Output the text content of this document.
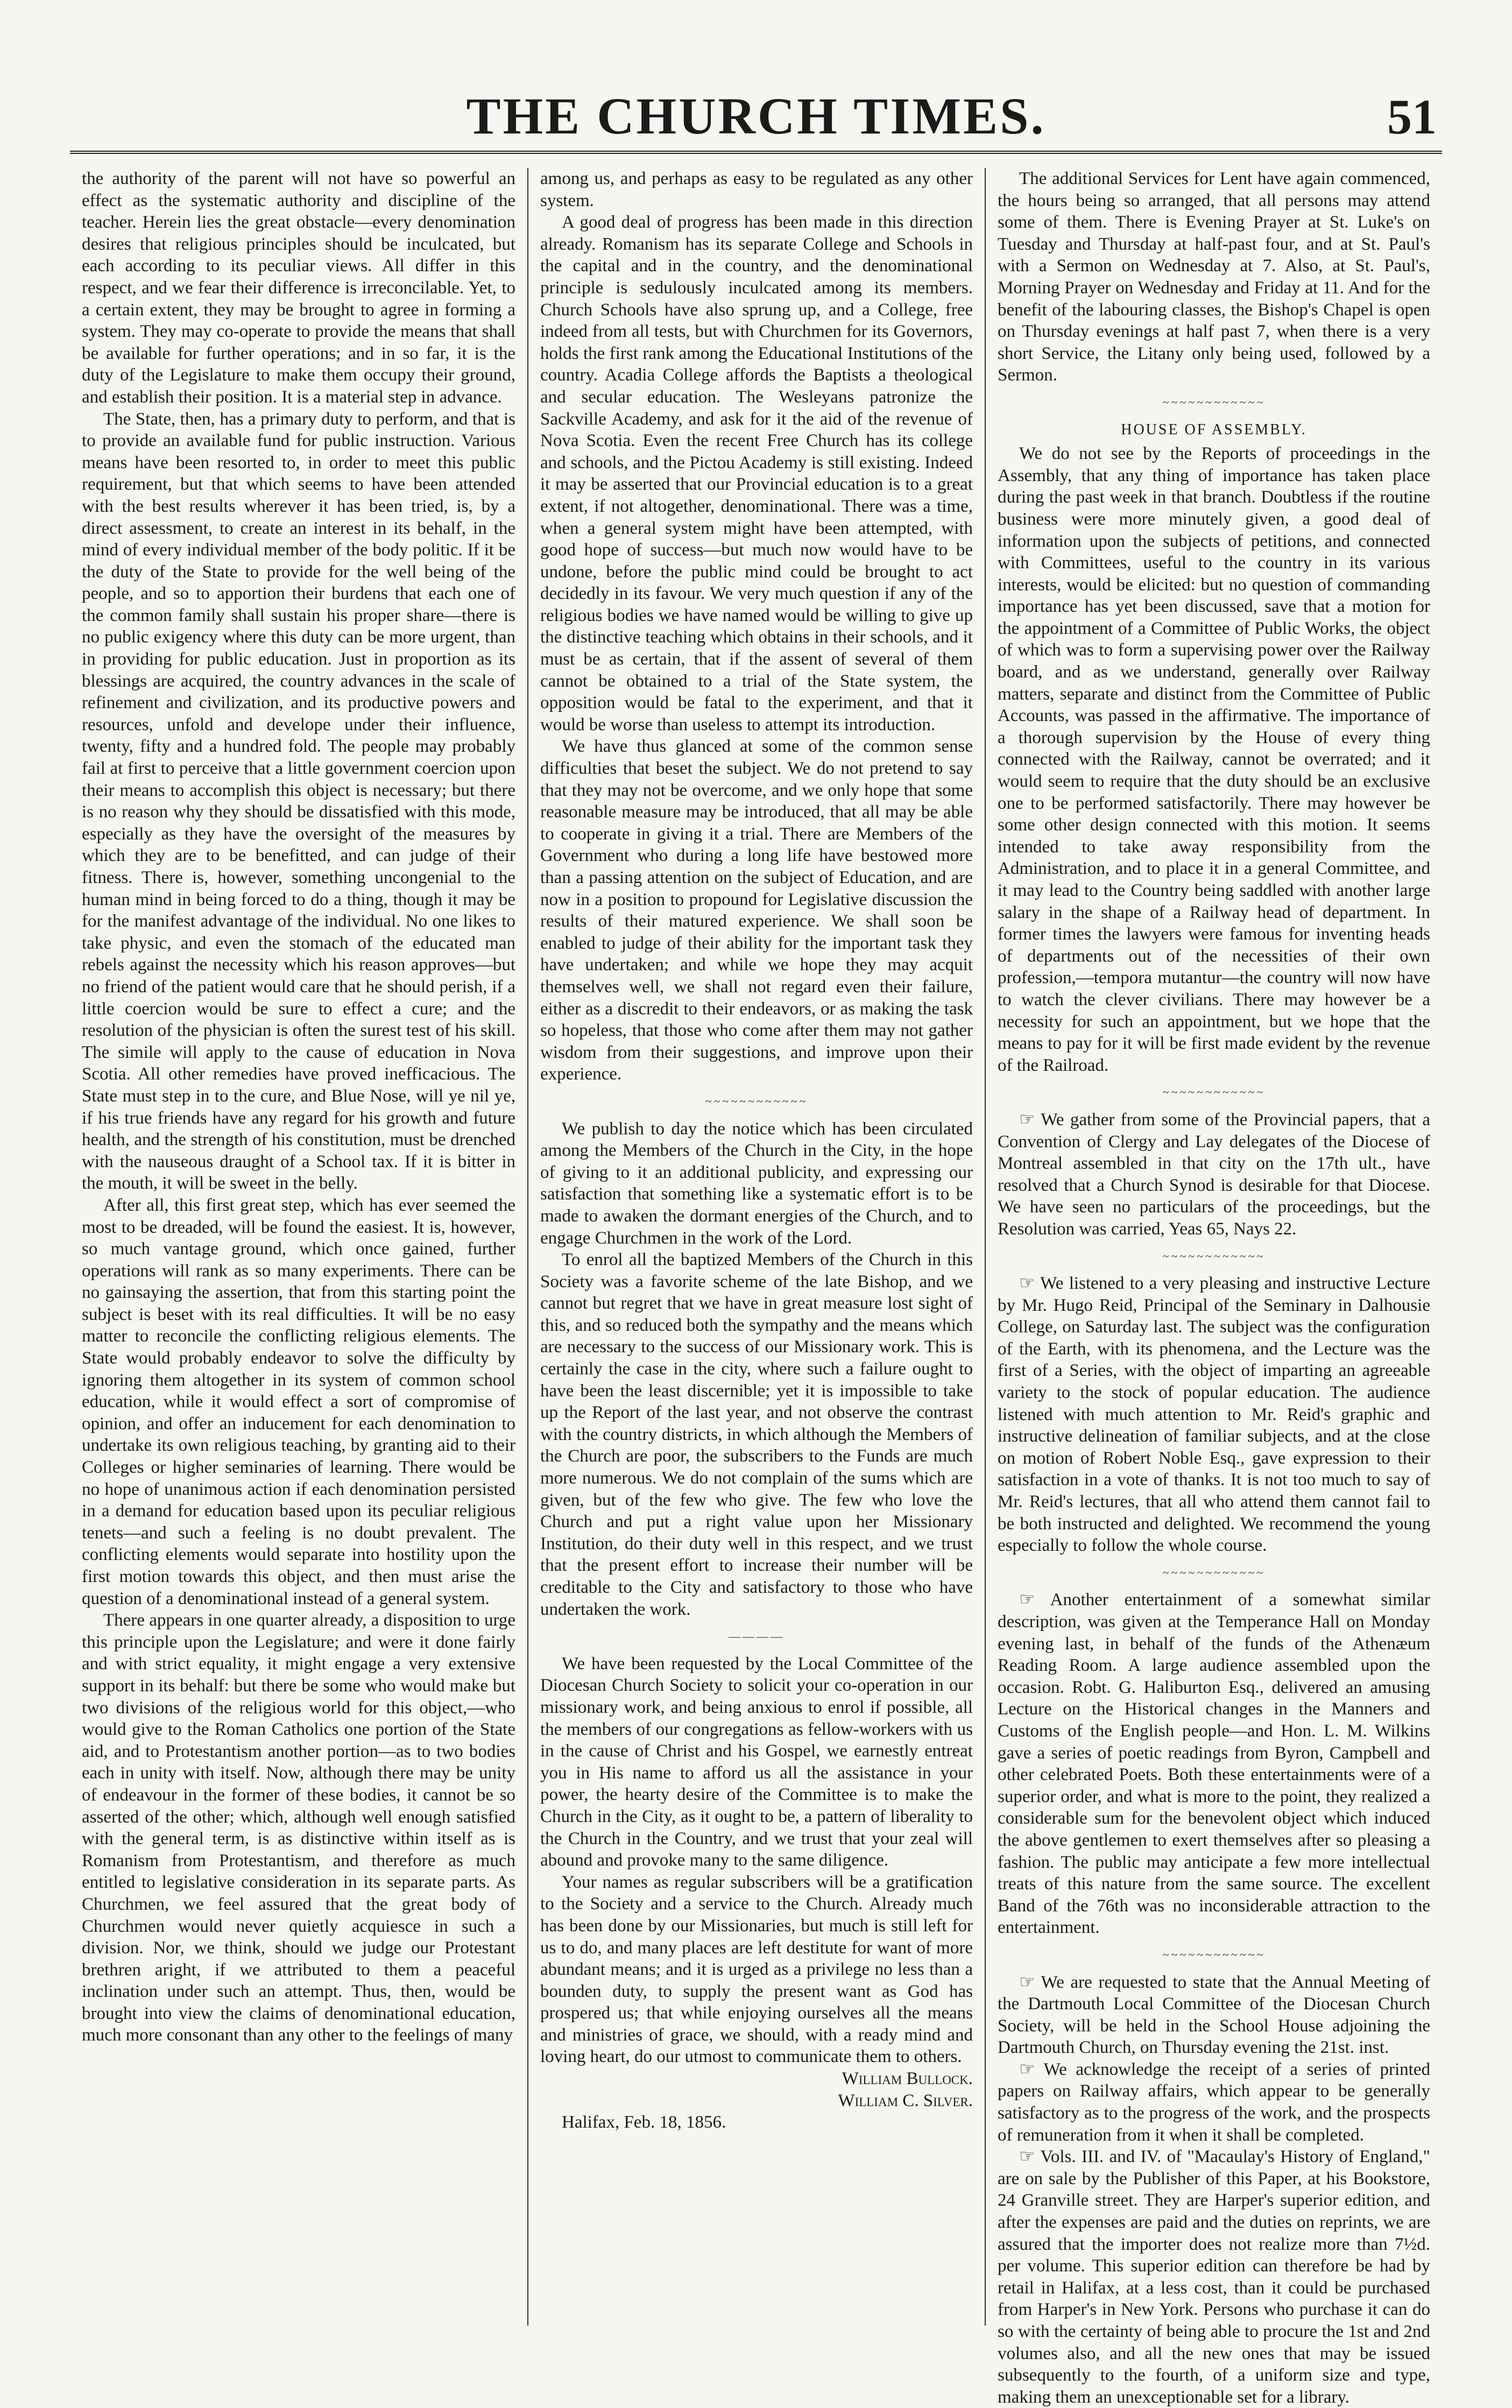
THE CHURCH TIMES.	51

the authority of the parent will not have so powerful an effect as the systematic authority and discipline of the teacher. Herein lies the great obstacle—every denomination desires that religious principles should be inculcated, but each according to its peculiar views. All differ in this respect, and we fear their difference is irreconcilable. Yet, to a certain extent, they may be brought to agree in forming a system. They may co-operate to provide the means that shall be available for further operations; and in so far, it is the duty of the Legislature to make them occupy their ground, and establish their position. It is a material step in advance.

The State, then, has a primary duty to perform, and that is to provide an available fund for public instruction. Various means have been resorted to, in order to meet this public requirement, but that which seems to have been attended with the best results wherever it has been tried, is, by a direct assessment, to create an interest in its behalf, in the mind of every individual member of the body politic. If it be the duty of the State to provide for the well being of the people, and so to apportion their burdens that each one of the common family shall sustain his proper share—there is no public exigency where this duty can be more urgent, than in providing for public education. Just in proportion as its blessings are acquired, the country advances in the scale of refinement and civilization, and its productive powers and resources, unfold and develope under their influence, twenty, fifty and a hundred fold. The people may probably fail at first to perceive that a little government coercion upon their means to accomplish this object is necessary; but there is no reason why they should be dissatisfied with this mode, especially as they have the oversight of the measures by which they are to be benefitted, and can judge of their fitness. There is, however, something uncongenial to the human mind in being forced to do a thing, though it may be for the manifest advantage of the individual. No one likes to take physic, and even the stomach of the educated man rebels against the necessity which his reason approves—but no friend of the patient would care that he should perish, if a little coercion would be sure to effect a cure; and the resolution of the physician is often the surest test of his skill. The simile will apply to the cause of education in Nova Scotia. All other remedies have proved inefficacious. The State must step in to the cure, and Blue Nose, will ye nil ye, if his true friends have any regard for his growth and future health, and the strength of his constitution, must be drenched with the nauseous draught of a School tax. If it is bitter in the mouth, it will be sweet in the belly.

After all, this first great step, which has ever seemed the most to be dreaded, will be found the easiest. It is, however, so much vantage ground, which once gained, further operations will rank as so many experiments. There can be no gainsaying the assertion, that from this starting point the subject is beset with its real difficulties. It will be no easy matter to reconcile the conflicting religious elements. The State would probably endeavor to solve the difficulty by ignoring them altogether in its system of common school education, while it would effect a sort of compromise of opinion, and offer an inducement for each denomination to undertake its own religious teaching, by granting aid to their Colleges or higher seminaries of learning. There would be no hope of unanimous action if each denomination persisted in a demand for education based upon its peculiar religious tenets—and such a feeling is no doubt prevalent. The conflicting elements would separate into hostility upon the first motion towards this object, and then must arise the question of a denominational instead of a general system.

There appears in one quarter already, a disposition to urge this principle upon the Legislature; and were it done fairly and with strict equality, it might engage a very extensive support in its behalf: but there be some who would make but two divisions of the religious world for this object,—who would give to the Roman Catholics one portion of the State aid, and to Protestantism another portion—as to two bodies each in unity with itself. Now, although there may be unity of endeavour in the former of these bodies, it cannot be so asserted of the other; which, although well enough satisfied with the general term, is as distinctive within itself as is Romanism from Protestantism, and therefore as much entitled to legislative consideration in its separate parts. As Churchmen, we feel assured that the great body of Churchmen would never quietly acquiesce in such a division. Nor, we think, should we judge our Protestant brethren aright, if we attributed to them a peaceful inclination under such an attempt. Thus, then, would be brought into view the claims of denominational education, much more consonant than any other to the feelings of many

among us, and perhaps as easy to be regulated as any other system.

A good deal of progress has been made in this direction already. Romanism has its separate College and Schools in the capital and in the country, and the denominational principle is sedulously inculcated among its members. Church Schools have also sprung up, and a College, free indeed from all tests, but with Churchmen for its Governors, holds the first rank among the Educational Institutions of the country. Acadia College affords the Baptists a theological and secular education. The Wesleyans patronize the Sackville Academy, and ask for it the aid of the revenue of Nova Scotia. Even the recent Free Church has its college and schools, and the Pictou Academy is still existing. Indeed it may be asserted that our Provincial education is to a great extent, if not altogether, denominational. There was a time, when a general system might have been attempted, with good hope of success—but much now would have to be undone, before the public mind could be brought to act decidedly in its favour. We very much question if any of the religious bodies we have named would be willing to give up the distinctive teaching which obtains in their schools, and it must be as certain, that if the assent of several of them cannot be obtained to a trial of the State system, the opposition would be fatal to the experiment, and that it would be worse than useless to attempt its introduction.

We have thus glanced at some of the common sense difficulties that beset the subject. We do not pretend to say that they may not be overcome, and we only hope that some reasonable measure may be introduced, that all may be able to cooperate in giving it a trial. There are Members of the Government who during a long life have bestowed more than a passing attention on the subject of Education, and are now in a position to propound for Legislative discussion the results of their matured experience. We shall soon be enabled to judge of their ability for the important task they have undertaken; and while we hope they may acquit themselves well, we shall not regard even their failure, either as a discredit to their endeavors, or as making the task so hopeless, that those who come after them may not gather wisdom from their suggestions, and improve upon their experience.

~~~~~~~~~~~~

We publish to day the notice which has been circulated among the Members of the Church in the City, in the hope of giving to it an additional publicity, and expressing our satisfaction that something like a systematic effort is to be made to awaken the dormant energies of the Church, and to engage Churchmen in the work of the Lord.

To enrol all the baptized Members of the Church in this Society was a favorite scheme of the late Bishop, and we cannot but regret that we have in great measure lost sight of this, and so reduced both the sympathy and the means which are necessary to the success of our Missionary work. This is certainly the case in the city, where such a failure ought to have been the least discernible; yet it is impossible to take up the Report of the last year, and not observe the contrast with the country districts, in which although the Members of the Church are poor, the subscribers to the Funds are much more numerous. We do not complain of the sums which are given, but of the few who give. The few who love the Church and put a right value upon her Missionary Institution, do their duty well in this respect, and we trust that the present effort to increase their number will be creditable to the City and satisfactory to those who have undertaken the work.

————

We have been requested by the Local Committee of the Diocesan Church Society to solicit your co-operation in our missionary work, and being anxious to enrol if possible, all the members of our congregations as fellow-workers with us in the cause of Christ and his Gospel, we earnestly entreat you in His name to afford us all the assistance in your power, the hearty desire of the Committee is to make the Church in the City, as it ought to be, a pattern of liberality to the Church in the Country, and we trust that your zeal will abound and provoke many to the same diligence.

Your names as regular subscribers will be a gratification to the Society and a service to the Church. Already much has been done by our Missionaries, but much is still left for us to do, and many places are left destitute for want of more abundant means; and it is urged as a privilege no less than a bounden duty, to supply the present want as God has prospered us; that while enjoying ourselves all the means and ministries of grace, we should, with a ready mind and loving heart, do our utmost to communicate them to others.

William Bullock.

William C. Silver.

Halifax, Feb. 18, 1856.

The additional Services for Lent have again commenced, the hours being so arranged, that all persons may attend some of them. There is Evening Prayer at St. Luke's on Tuesday and Thursday at half-past four, and at St. Paul's with a Sermon on Wednesday at 7. Also, at St. Paul's, Morning Prayer on Wednesday and Friday at 11. And for the benefit of the labouring classes, the Bishop's Chapel is open on Thursday evenings at half past 7, when there is a very short Service, the Litany only being used, followed by a Sermon.

~~~~~~~~~~~~
HOUSE OF ASSEMBLY.

We do not see by the Reports of proceedings in the Assembly, that any thing of importance has taken place during the past week in that branch. Doubtless if the routine business were more minutely given, a good deal of information upon the subjects of petitions, and connected with Committees, useful to the country in its various interests, would be elicited: but no question of commanding importance has yet been discussed, save that a motion for the appointment of a Committee of Public Works, the object of which was to form a supervising power over the Railway board, and as we understand, generally over Railway matters, separate and distinct from the Committee of Public Accounts, was passed in the affirmative. The importance of a thorough supervision by the House of every thing connected with the Railway, cannot be overrated; and it would seem to require that the duty should be an exclusive one to be performed satisfactorily. There may however be some other design connected with this motion. It seems intended to take away responsibility from the Administration, and to place it in a general Committee, and it may lead to the Country being saddled with another large salary in the shape of a Railway head of department. In former times the lawyers were famous for inventing heads of departments out of the necessities of their own profession,—tempora mutantur—the country will now have to watch the clever civilians. There may however be a necessity for such an appointment, but we hope that the means to pay for it will be first made evident by the revenue of the Railroad.

~~~~~~~~~~~~

☞ We gather from some of the Provincial papers, that a Convention of Clergy and Lay delegates of the Diocese of Montreal assembled in that city on the 17th ult., have resolved that a Church Synod is desirable for that Diocese. We have seen no particulars of the proceedings, but the Resolution was carried, Yeas 65, Nays 22.

~~~~~~~~~~~~

☞ We listened to a very pleasing and instructive Lecture by Mr. Hugo Reid, Principal of the Seminary in Dalhousie College, on Saturday last. The subject was the configuration of the Earth, with its phenomena, and the Lecture was the first of a Series, with the object of imparting an agreeable variety to the stock of popular education. The audience listened with much attention to Mr. Reid's graphic and instructive delineation of familiar subjects, and at the close on motion of Robert Noble Esq., gave expression to their satisfaction in a vote of thanks. It is not too much to say of Mr. Reid's lectures, that all who attend them cannot fail to be both instructed and delighted. We recommend the young especially to follow the whole course.

~~~~~~~~~~~~

☞ Another entertainment of a somewhat similar description, was given at the Temperance Hall on Monday evening last, in behalf of the funds of the Athenæum Reading Room. A large audience assembled upon the occasion. Robt. G. Haliburton Esq., delivered an amusing Lecture on the Historical changes in the Manners and Customs of the English people—and Hon. L. M. Wilkins gave a series of poetic readings from Byron, Campbell and other celebrated Poets. Both these entertainments were of a superior order, and what is more to the point, they realized a considerable sum for the benevolent object which induced the above gentlemen to exert themselves after so pleasing a fashion. The public may anticipate a few more intellectual treats of this nature from the same source. The excellent Band of the 76th was no inconsiderable attraction to the entertainment.

~~~~~~~~~~~~

☞ We are requested to state that the Annual Meeting of the Dartmouth Local Committee of the Diocesan Church Society, will be held in the School House adjoining the Dartmouth Church, on Thursday evening the 21st. inst.

☞ We acknowledge the receipt of a series of printed papers on Railway affairs, which appear to be generally satisfactory as to the progress of the work, and the prospects of remuneration from it when it shall be completed.

☞ Vols. III. and IV. of "Macaulay's History of England," are on sale by the Publisher of this Paper, at his Bookstore, 24 Granville street. They are Harper's superior edition, and after the expenses are paid and the duties on reprints, we are assured that the importer does not realize more than 7½d. per volume. This superior edition can therefore be had by retail in Halifax, at a less cost, than it could be purchased from Harper's in New York. Persons who purchase it can do so with the certainty of being able to procure the 1st and 2nd volumes also, and all the new ones that may be issued subsequently to the fourth, of a uniform size and type, making them an unexceptionable set for a library.
